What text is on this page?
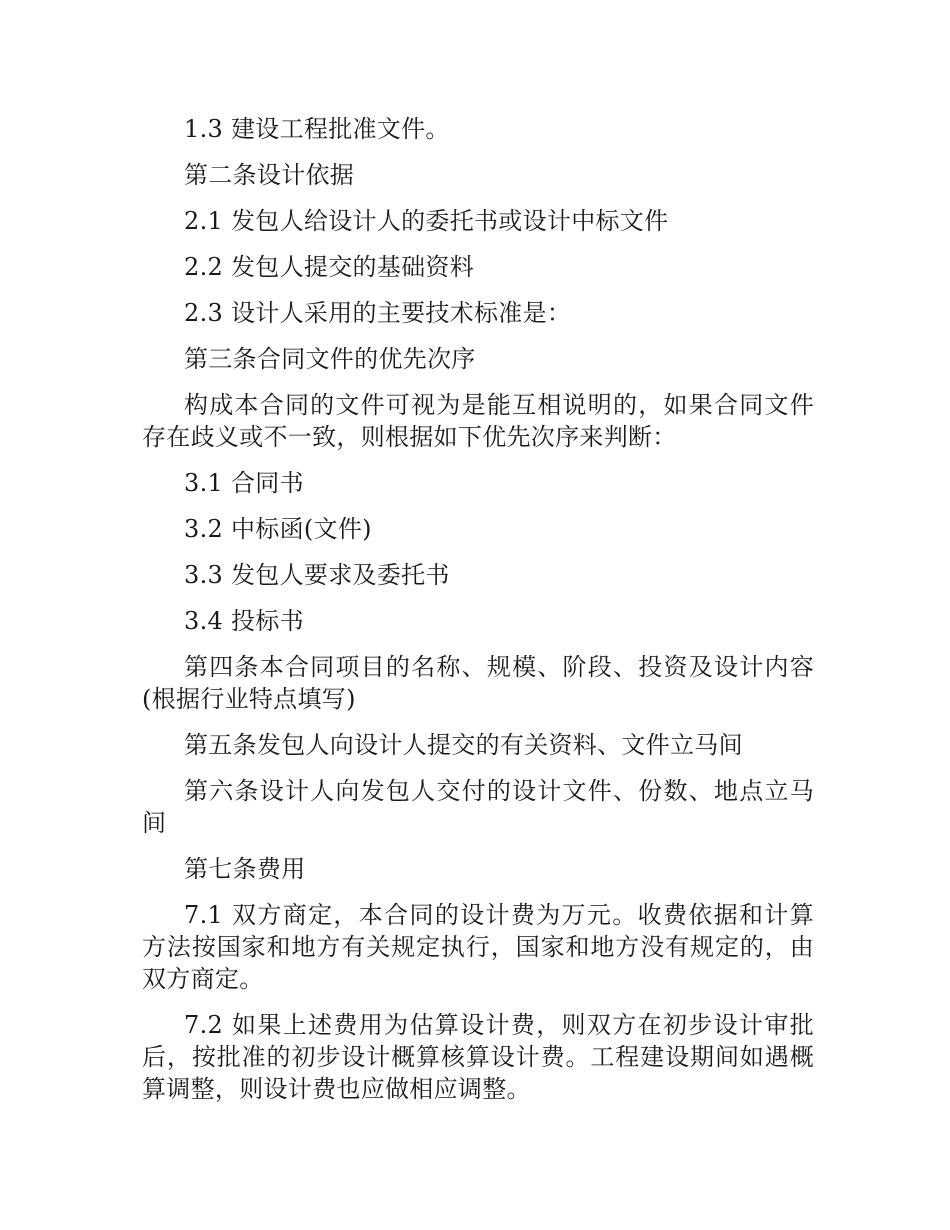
1.3 建设工程批准文件。

第二条设计依据

2.1 发包人给设计人的委托书或设计中标文件

2.2 发包人提交的基础资料

2.3 设计人采用的主要技术标准是：

第三条合同文件的优先次序

构成本合同的文件可视为是能互相说明的，如果合同文件存在歧义或不一致，则根据如下优先次序来判断：

3.1 合同书

3.2 中标函(文件)

3.3 发包人要求及委托书

3.4 投标书

第四条本合同项目的名称、规模、阶段、投资及设计内容(根据行业特点填写)

第五条发包人向设计人提交的有关资料、文件立马间

第六条设计人向发包人交付的设计文件、份数、地点立马间

第七条费用

7.1 双方商定，本合同的设计费为万元。收费依据和计算方法按国家和地方有关规定执行，国家和地方没有规定的，由双方商定。

7.2 如果上述费用为估算设计费，则双方在初步设计审批后，按批准的初步设计概算核算设计费。工程建设期间如遇概算调整，则设计费也应做相应调整。
